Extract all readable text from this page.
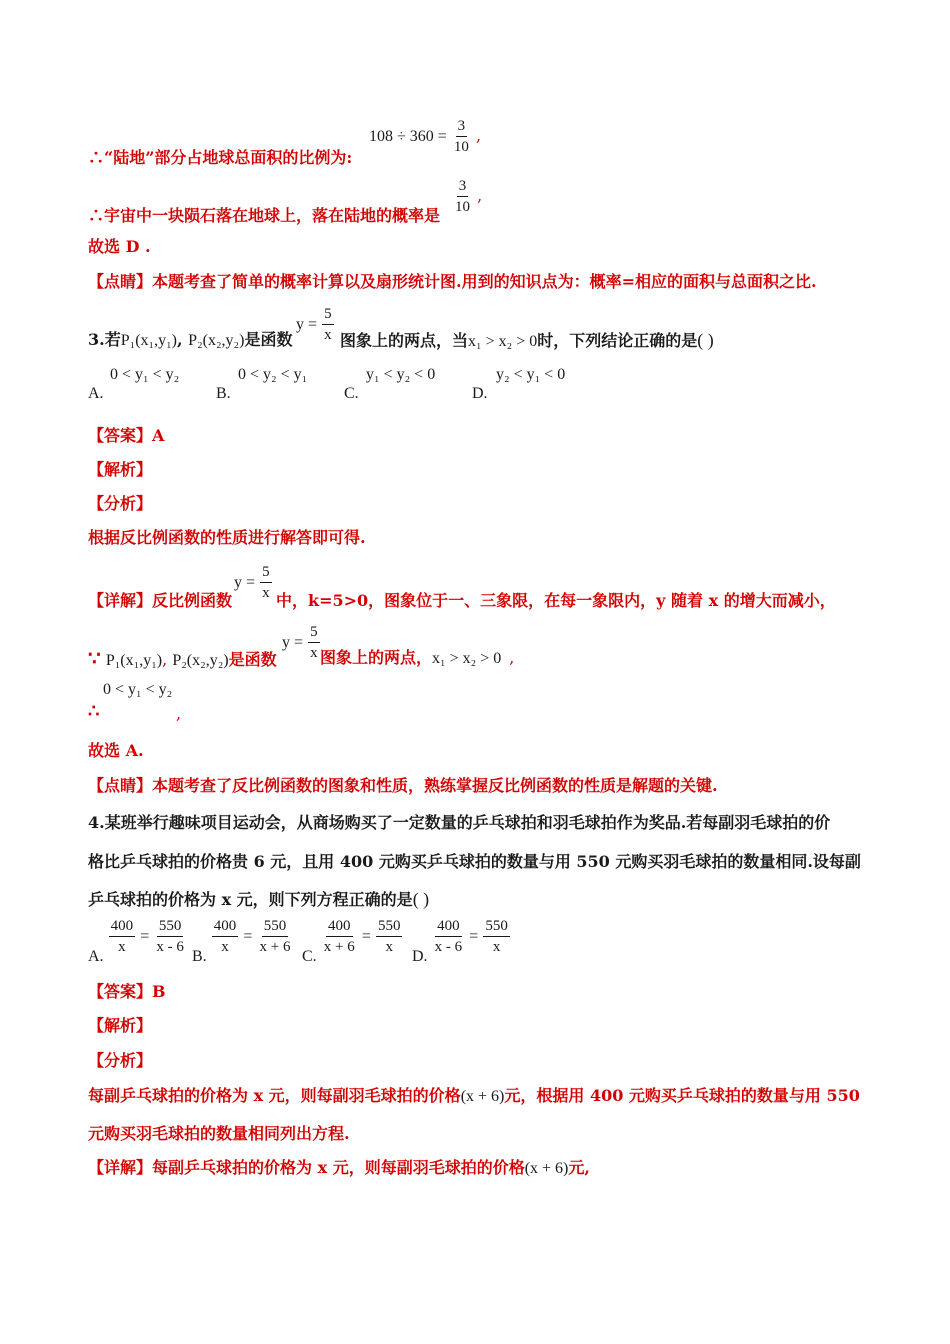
$108 \div 360 = \frac{3}{10}$ ,
∴“陆地”部分占地球总面积的比例为:
$\frac{3}{10}$ ,
∴宇宙中一块陨石落在地球上，落在陆地的概率是
故选 D .
【点睛】本题考查了简单的概率计算以及扇形统计图.用到的知识点为：概率=相应的面积与总面积之比.
3.若P₁(x₁,y₁), P₂(x₂,y₂)是函数
$y = \frac{5}{x}$ 图象上的两点，当x₁ > x₂ > 0时，下列结论正确的是( )
0 < y₁ < y₂	0 < y₂ < y₁	y₁ < y₂ < 0	y₂ < y₁ < 0
A.	B.	C.	D.
【答案】A
【解析】
【分析】
根据反比例函数的性质进行解答即可得.
【详解】反比例函数
$y = \frac{5}{x}$ 中，k=5>0，图象位于一、三象限，在每一象限内，y 随着 x 的增大而减小，
∵ P₁(x₁,y₁), P₂(x₂,y₂)是函数
$y = \frac{5}{x}$ 图象上的两点，x₁ > x₂ > 0 ,
0 < y₁ < y₂
∴	,
故选 A.
【点睛】本题考查了反比例函数的图象和性质，熟练掌握反比例函数的性质是解题的关键.
4.某班举行趣味项目运动会，从商场购买了一定数量的乒乓球拍和羽毛球拍作为奖品.若每副羽毛球拍的价
格比乒乓球拍的价格贵 6 元，且用 400 元购买乒乓球拍的数量与用 550 元购买羽毛球拍的数量相同.设每副
乒乓球拍的价格为 x 元，则下列方程正确的是( )
A.
$\frac{400}{x} = \frac{550}{x - 6}$
B.
$\frac{400}{x} = \frac{550}{x + 6}$
C.
$\frac{400}{x + 6} = \frac{550}{x}$
D.
$\frac{400}{x - 6} = \frac{550}{x}$
【答案】B
【解析】
【分析】
每副乒乓球拍的价格为 x 元，则每副羽毛球拍的价格(x + 6)元，根据用 400 元购买乒乓球拍的数量与用 550
元购买羽毛球拍的数量相同列出方程.
【详解】每副乒乓球拍的价格为 x 元，则每副羽毛球拍的价格(x + 6)元,
